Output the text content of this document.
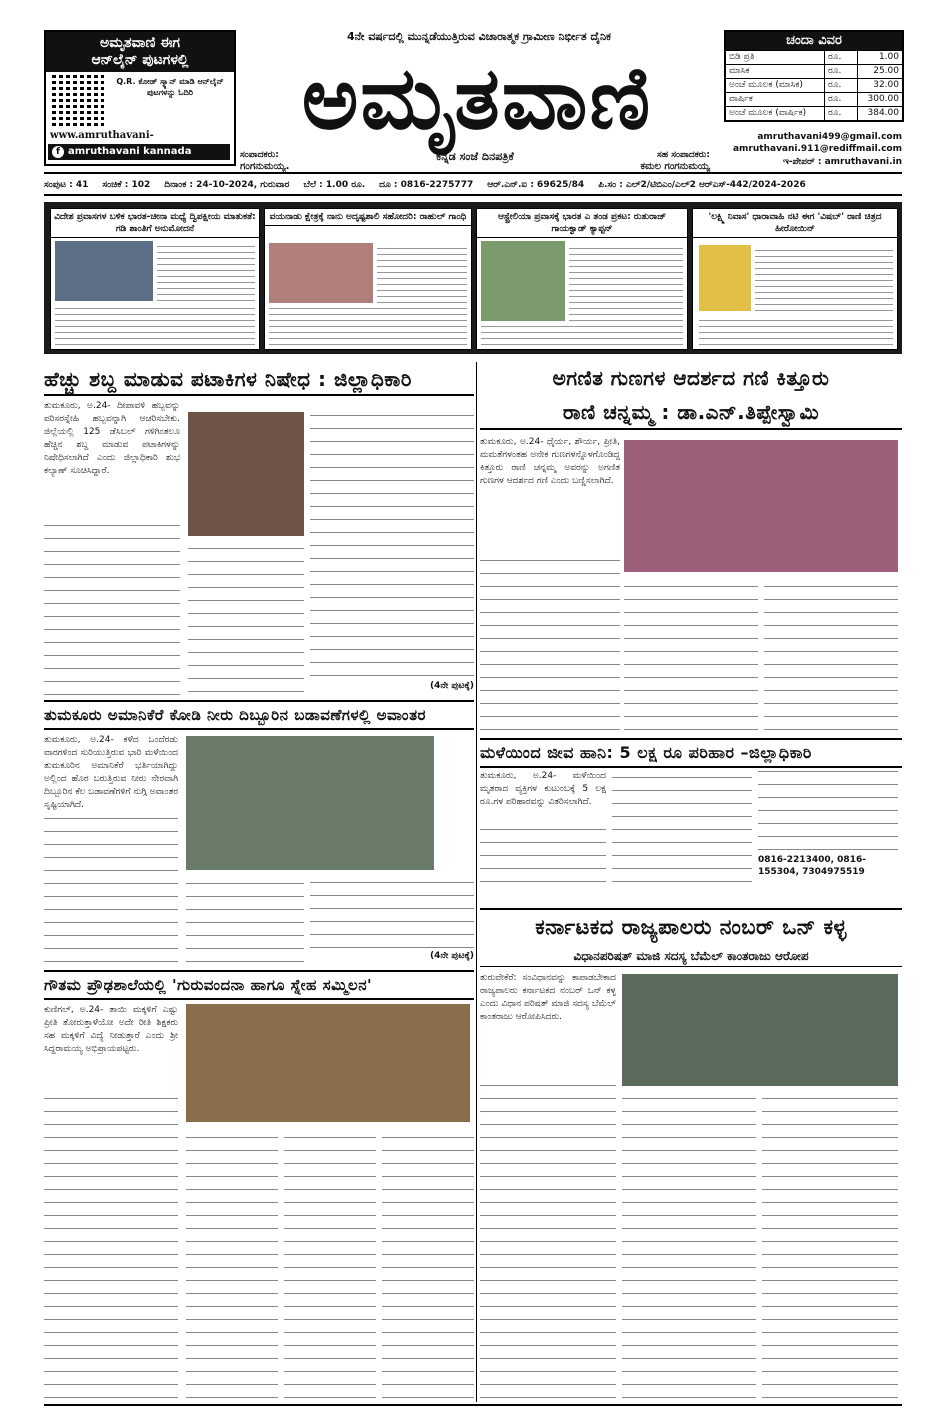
ಅಮೃತವಾಣಿ ಈಗ
ಆನ್‌ಲೈನ್ ಪುಟಗಳಲ್ಲಿ
Q.R. ಕೋಡ್ ಸ್ಕ್ಯಾನ್ ಮಾಡಿ ಆನ್‌ಲೈನ್ ಪುಟಗಳನ್ನು ಓದಿರಿ
www.amruthavani-
f amruthavani kannada
4ನೇ ವರ್ಷದಲ್ಲಿ ಮುನ್ನಡೆಯುತ್ತಿರುವ ವಿಚಾರಾತ್ಮಕ ಗ್ರಾಮೀಣ ನಿರ್ಭೀತ ದೈನಿಕ
ಅಮೃತವಾಣಿ
ಸಂಪಾದಕರು:
ಗಂಗನುಮಯ್ಯ.
ಕನ್ನಡ ಸಂಜೆ ದಿನಪತ್ರಿಕೆ	ಸಹ ಸಂಪಾದಕರು:
ಕಮಲ ಗಂಗನುಮಯ್ಯ
ಚಂದಾ ವಿವರ
ಬಿಡಿ ಪ್ರತಿ	ರೂ.	1.00
ಮಾಸಿಕ	ರೂ.	25.00
ಅಂಚೆ ಮೂಲಕ (ಮಾಸಿಕ)	ರೂ.	32.00
ವಾರ್ಷಿಕ	ರೂ.	300.00
ಅಂಚೆ ಮೂಲಕ (ವಾರ್ಷಿಕ)	ರೂ.	384.00
amruthavani499@gmail.com
amruthavani.911@rediffmail.com
ಇ-ಪೇಪರ್ : amruthavani.in
ಸಂಪುಟ : 41 ಸಂಚಿಕೆ : 102 ದಿನಾಂಕ : 24-10-2024, ಗುರುವಾರ ಬೆಲೆ : 1.00 ರೂ. ದೂ : 0816-2275777 ಆರ್.ಎನ್.ಐ : 69625/84 ಪಿ.ಸಂ : ಎಲ್2/ಟಿಬಿಎಂ/ಎಲ್2 ಆರ್‌ಎಸ್-442/2024-2026
ವಿದೇಶ ಪ್ರವಾಸಗಳ ಬಳಿಕ ಭಾರತ-ಚೀನಾ ಮಧ್ಯೆ ದ್ವಿಪಕ್ಷೀಯ ಮಾತುಕತೆ: ಗಡಿ ಶಾಂತಿಗೆ ಅನುಮೋದನೆ
ವಯನಾಡು ಕ್ಷೇತ್ರಕ್ಕೆ ನಾನು ಅದೃಷ್ಟಶಾಲಿ ಸಹೋದರಿ: ರಾಹುಲ್ ಗಾಂಧಿ	ಆಸ್ಟ್ರೇಲಿಯಾ ಪ್ರವಾಸಕ್ಕೆ ಭಾರತ ಎ ತಂಡ ಪ್ರಕಟ: ರುತುರಾಜ್ ಗಾಯಕ್ವಾಡ್ ಕ್ಯಾಪ್ಟನ್
'ಲಕ್ಷ್ಮಿ ನಿವಾಸ' ಧಾರಾವಾಹಿ ನಟಿ ಈಗ 'ವಿಷಬ್' ರಾಣಿ ಚಿತ್ರದ ಹೀರೋಯಿನ್
ಹೆಚ್ಚು ಶಬ್ದ ಮಾಡುವ ಪಟಾಕಿಗಳ ನಿಷೇಧ : ಜಿಲ್ಲಾಧಿಕಾರಿ
ತುಮಕೂರು, ಅ.24- ದೀಪಾವಳಿ ಹಬ್ಬವನ್ನು ಪರಿಸರಸ್ನೇಹಿ ಹಬ್ಬವನ್ನಾಗಿ ಆಚರಿಸಬೇಕು. ಜಿಲ್ಲೆಯಲ್ಲಿ 125 ಡೆಸಿಬಲ್ ಗಳಿಗಿಂತಲೂ ಹೆಚ್ಚಿನ ಶಬ್ದ ಮಾಡುವ ಪಟಾಕಿಗಳನ್ನು ನಿಷೇಧಿಸಲಾಗಿದೆ ಎಂದು ಜಿಲ್ಲಾಧಿಕಾರಿ ಶುಭ ಕಲ್ಯಾಣ್ ಸೂಚಿಸಿದ್ದಾರೆ.
(4ನೇ ಪುಟಕ್ಕೆ)
ಅಗಣಿತ ಗುಣಗಳ ಆದರ್ಶದ ಗಣಿ ಕಿತ್ತೂರು
ರಾಣಿ ಚನ್ನಮ್ಮ : ಡಾ.ಎನ್.ತಿಪ್ಪೇಸ್ವಾಮಿ
ತುಮಕೂರು, ಅ.24- ಧೈರ್ಯ, ಶೌರ್ಯ, ಪ್ರೀತಿ, ಮಮತೆಗಳಂತಹ ಅನೇಕ ಗುಣಗಳನ್ನೊಳಗೊಂಡಿದ್ದ ಕಿತ್ತೂರು ರಾಣಿ ಚನ್ನಮ್ಮ ಅವರನ್ನು ಅಗಣಿತ ಗುಣಗಳ ಆದರ್ಶದ ಗಣಿ ಎಂದು ಬಣ್ಣಿಸಲಾಗಿದೆ.
ತುಮಕೂರು ಅಮಾನಿಕೆರೆ ಕೋಡಿ ನೀರು ದಿಬ್ಬೂರಿನ ಬಡಾವಣೆಗಳಲ್ಲಿ ಅವಾಂತರ
ತುಮಕೂರು, ಅ.24- ಕಳೆದ ಒಂದೆರಡು ವಾರಗಳಿಂದ ಸುರಿಯುತ್ತಿರುವ ಭಾರಿ ಮಳೆಯಿಂದ ತುಮಕೂರಿನ ಅಮಾನಿಕೆರೆ ಭರ್ತಿಯಾಗಿದ್ದು ಅಲ್ಲಿಂದ ಹೊರ ಬರುತ್ತಿರುವ ನೀರು ನೇರವಾಗಿ ದಿಬ್ಬೂರಿನ ಕೆಲ ಬಡಾವಣೆಗಳಿಗೆ ನುಗ್ಗಿ ಅವಾಂತರ ಸೃಷ್ಟಿಯಾಗಿದೆ.
(4ನೇ ಪುಟಕ್ಕೆ)
ಮಳೆಯಿಂದ ಜೀವ ಹಾನಿ: 5 ಲಕ್ಷ ರೂ ಪರಿಹಾರ –ಜಿಲ್ಲಾಧಿಕಾರಿ
ತುಮಕೂರು, ಅ.24- ಮಳೆಯಿಂದ ಮೃತರಾದ ವ್ಯಕ್ತಿಗಳ ಕುಟುಂಬಕ್ಕೆ 5 ಲಕ್ಷ ರೂ.ಗಳ ಪರಿಹಾರವನ್ನು ವಿತರಿಸಲಾಗಿದೆ.
0816-2213400, 0816-155304, 7304975519
ಕರ್ನಾಟಕದ ರಾಜ್ಯಪಾಲರು ನಂಬರ್ ಒನ್ ಕಳ್ಳ
ವಿಧಾನಪರಿಷತ್ ಮಾಜಿ ಸದಸ್ಯ ಬೆಮೆಲ್ ಕಾಂತರಾಜು ಆರೋಪ
ತುರುವೇಕೆರೆ: ಸಂವಿಧಾನವನ್ನು ಕಾಪಾಡಬೇಕಾದ ರಾಜ್ಯಪಾಲರು ಕರ್ನಾಟಕದ ನಂಬರ್ ಒನ್ ಕಳ್ಳ ಎಂದು ವಿಧಾನ ಪರಿಷತ್ ಮಾಜಿ ಸದಸ್ಯ ಬೆಮೆಲ್ ಕಾಂತರಾಜು ಆರೋಪಿಸಿದರು.
ಗೌತಮ ಪ್ರೌಢಶಾಲೆಯಲ್ಲಿ 'ಗುರುವಂದನಾ ಹಾಗೂ ಸ್ನೇಹ ಸಮ್ಮಿಲನ'
ಕುಣಿಗಲ್, ಅ.24- ತಾಯಿ ಮಕ್ಕಳಿಗೆ ಎಷ್ಟು ಪ್ರೀತಿ ತೋರುತ್ತಾಳೆಯೋ ಅದೇ ರೀತಿ ಶಿಕ್ಷಕರು ಸಹ ಮಕ್ಕಳಿಗೆ ವಿದ್ಯೆ ನೀಡುತ್ತಾರೆ ಎಂದು ಶ್ರೀ ಸಿದ್ದರಾಮಯ್ಯ ಅಭಿಪ್ರಾಯಪಟ್ಟರು.
